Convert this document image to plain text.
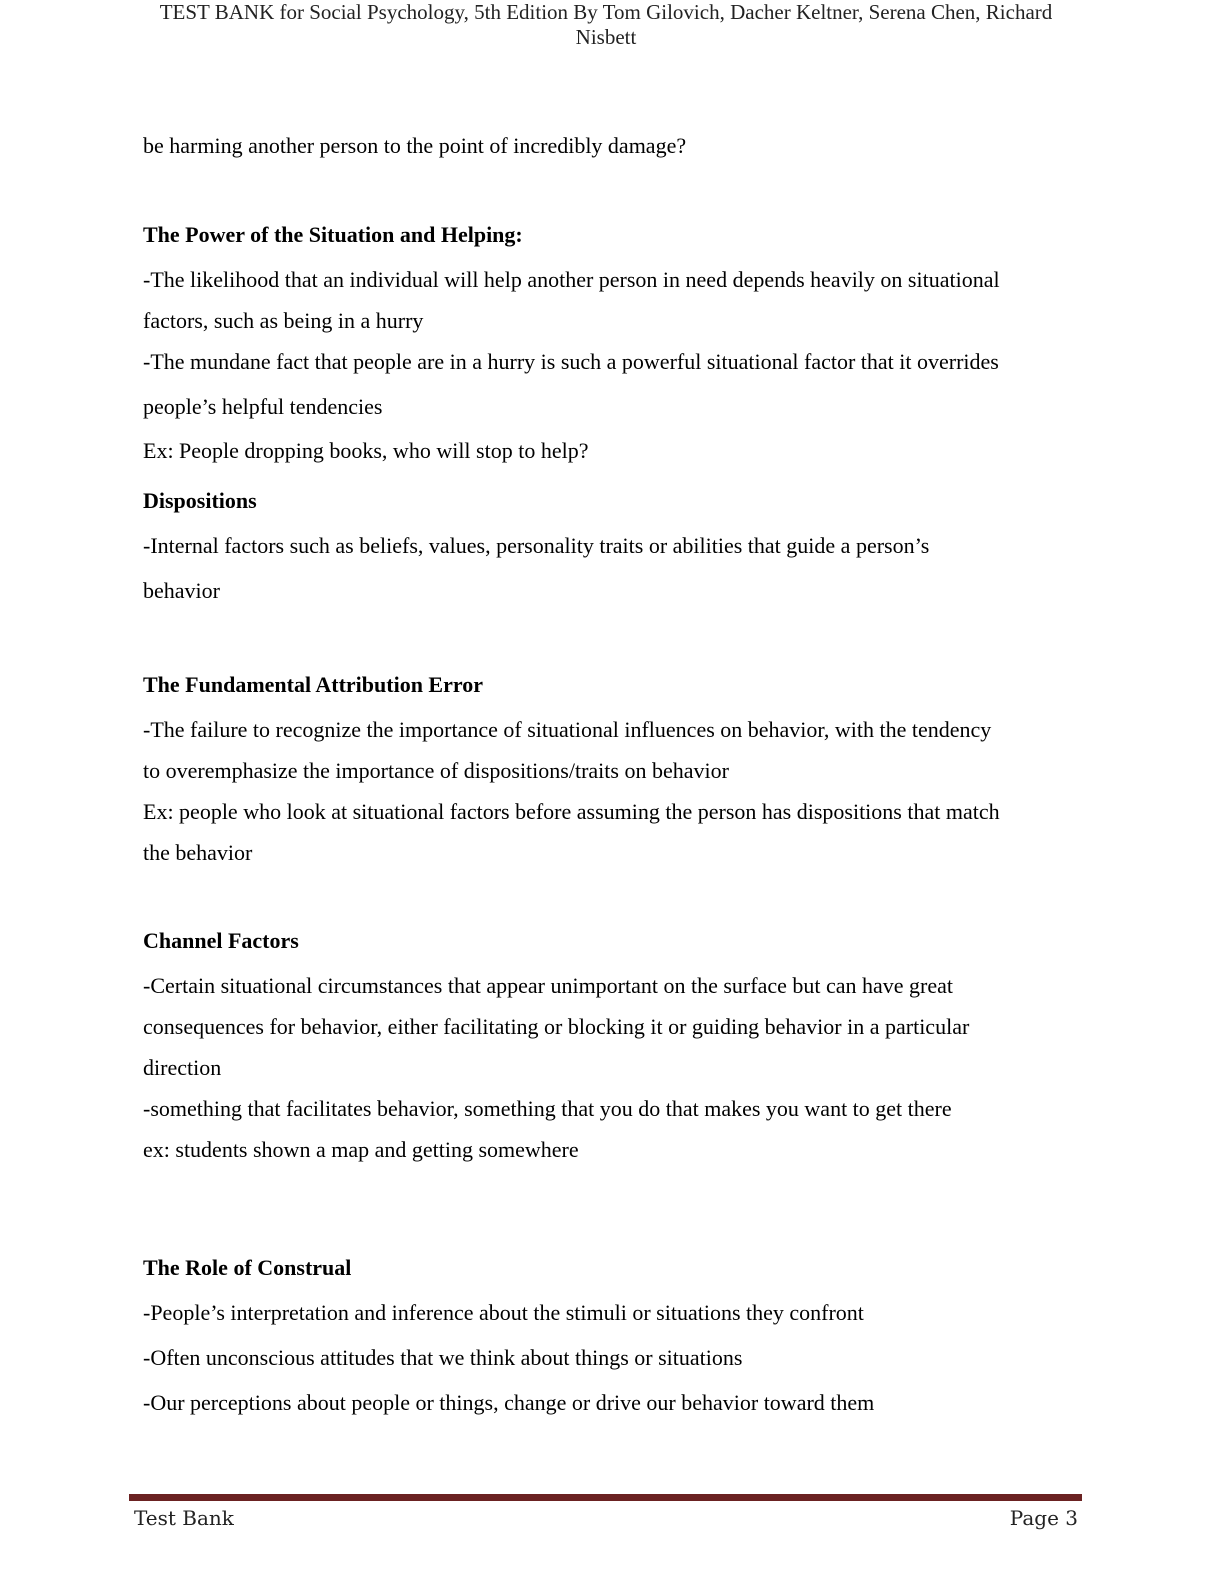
TEST BANK for Social Psychology, 5th Edition By Tom Gilovich, Dacher Keltner, Serena Chen, Richard
Nisbett
be harming another person to the point of incredibly damage?
The Power of the Situation and Helping:
-The likelihood that an individual will help another person in need depends heavily on situational
factors, such as being in a hurry
-The mundane fact that people are in a hurry is such a powerful situational factor that it overrides
people’s helpful tendencies
Ex: People dropping books, who will stop to help?
Dispositions
-Internal factors such as beliefs, values, personality traits or abilities that guide a person’s
behavior
The Fundamental Attribution Error
-The failure to recognize the importance of situational influences on behavior, with the tendency
to overemphasize the importance of dispositions/traits on behavior
Ex: people who look at situational factors before assuming the person has dispositions that match
the behavior
Channel Factors
-Certain situational circumstances that appear unimportant on the surface but can have great
consequences for behavior, either facilitating or blocking it or guiding behavior in a particular
direction
-something that facilitates behavior, something that you do that makes you want to get there
ex: students shown a map and getting somewhere
The Role of Construal
-People’s interpretation and inference about the stimuli or situations they confront
-Often unconscious attitudes that we think about things or situations
-Our perceptions about people or things, change or drive our behavior toward them
Test Bank	Page 3
